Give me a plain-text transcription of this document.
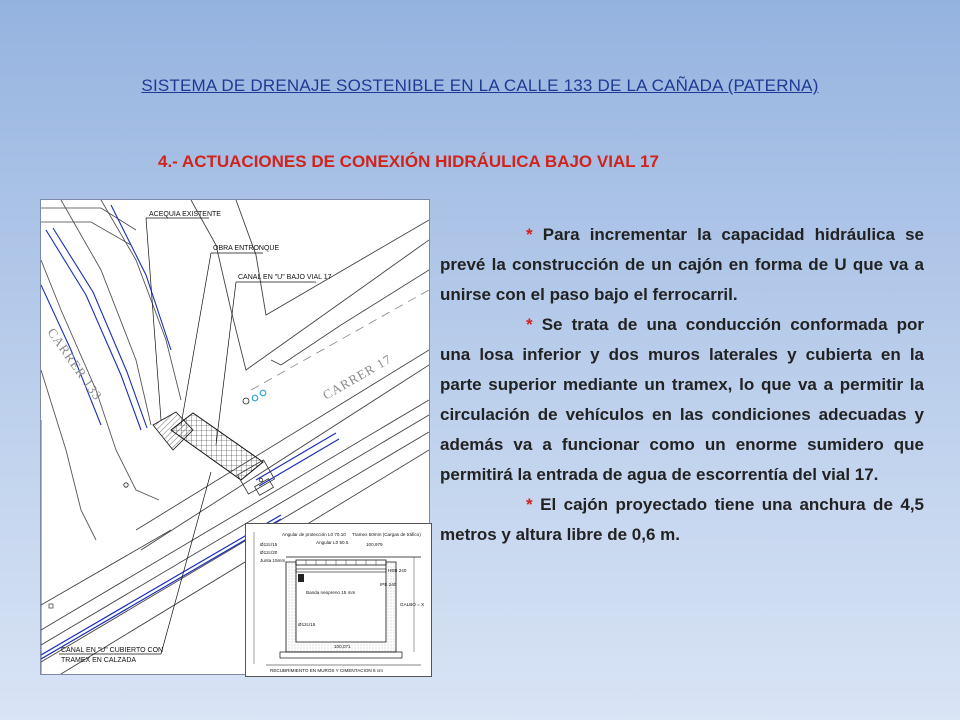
SISTEMA DE DRENAJE SOSTENIBLE EN LA CALLE 133 DE LA CAÑADA (PATERNA)
4.- ACTUACIONES DE CONEXIÓN HIDRÁULICA BAJO VIAL 17
ACEQUIA EXISTENTE
OBRA ENTRONQUE
CANAL EN "U" BAJO VIAL 17
CANAL EN "U" CUBIERTO CON
TRAMEX EN CALZADA
CARRER 133	CARRER 17
Angular de protección L0 70.10 Tramex 50mm (Cargas de tráfico)
Ø12c/15	Angular L0 50.5	100,979
Ø12c/20
Junta 15mm
HEB 240
IPE 240
Banda neopreno 15 mm
GALBO = X
Ø12c/15
100,071
RECUBRIMIENTO EN MUROS Y CIMENTACION 5 cm

* Para incrementar la capacidad hidráulica se prevé la construcción de un cajón en forma de U que va a unirse con el paso bajo el ferrocarril.

* Se trata de una conducción conformada por una losa inferior y dos muros laterales y cubierta en la parte superior mediante un tramex, lo que va a permitir la circulación de vehículos en las condiciones adecuadas y además va a funcionar como un enorme sumidero que permitirá la entrada de agua de escorrentía del vial 17.

* El cajón proyectado tiene una anchura de 4,5 metros y altura libre de 0,6 m.
